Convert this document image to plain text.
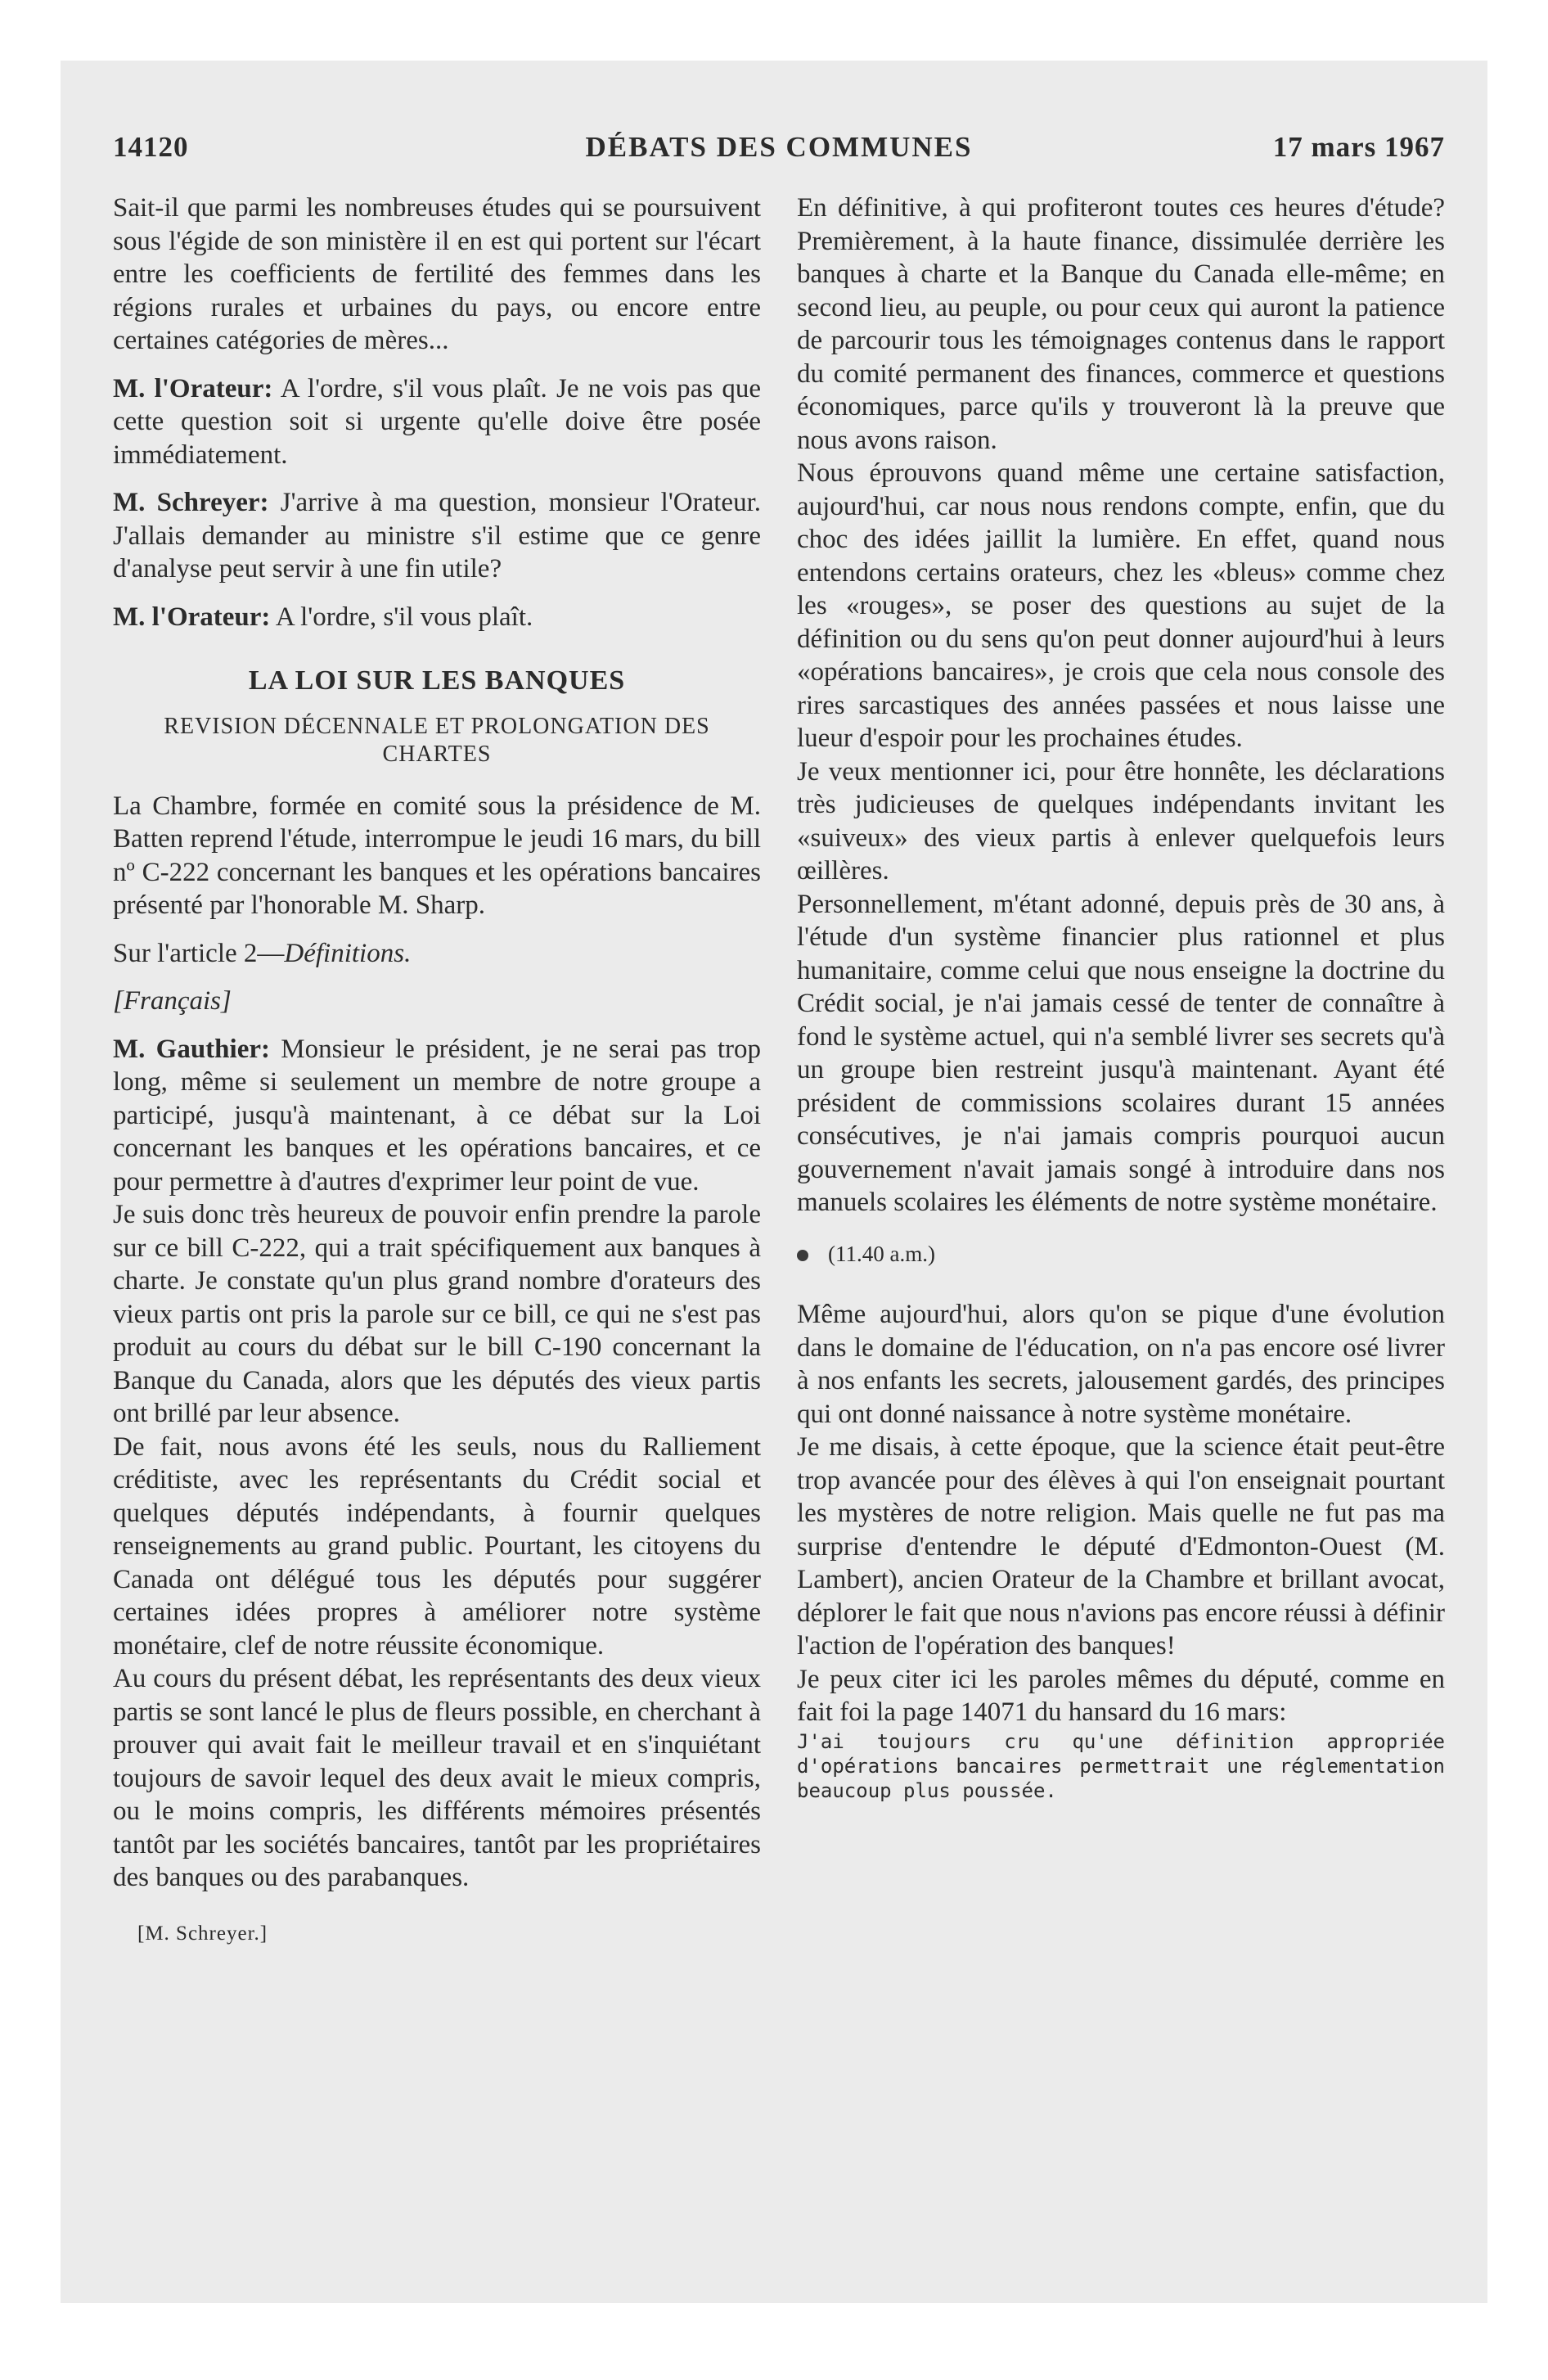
14120	DÉBATS DES COMMUNES	17 mars 1967

Sait-il que parmi les nombreuses études qui se poursuivent sous l'égide de son ministère il en est qui portent sur l'écart entre les coefficients de fertilité des femmes dans les régions rurales et urbaines du pays, ou encore entre certaines catégories de mères...

M. l'Orateur: A l'ordre, s'il vous plaît. Je ne vois pas que cette question soit si urgente qu'elle doive être posée immédiatement.

M. Schreyer: J'arrive à ma question, monsieur l'Orateur. J'allais demander au ministre s'il estime que ce genre d'analyse peut servir à une fin utile?

M. l'Orateur: A l'ordre, s'il vous plaît.

LA LOI SUR LES BANQUES
REVISION DÉCENNALE ET PROLONGATION DES CHARTES

La Chambre, formée en comité sous la présidence de M. Batten reprend l'étude, interrompue le jeudi 16 mars, du bill nº C-222 concernant les banques et les opérations bancaires présenté par l'honorable M. Sharp.

Sur l'article 2—Définitions.

[Français]

M. Gauthier: Monsieur le président, je ne serai pas trop long, même si seulement un membre de notre groupe a participé, jusqu'à maintenant, à ce débat sur la Loi concernant les banques et les opérations bancaires, et ce pour permettre à d'autres d'exprimer leur point de vue.

Je suis donc très heureux de pouvoir enfin prendre la parole sur ce bill C-222, qui a trait spécifiquement aux banques à charte. Je constate qu'un plus grand nombre d'orateurs des vieux partis ont pris la parole sur ce bill, ce qui ne s'est pas produit au cours du débat sur le bill C-190 concernant la Banque du Canada, alors que les députés des vieux partis ont brillé par leur absence.

De fait, nous avons été les seuls, nous du Ralliement créditiste, avec les représentants du Crédit social et quelques députés indépendants, à fournir quelques renseignements au grand public. Pourtant, les citoyens du Canada ont délégué tous les députés pour suggérer certaines idées propres à améliorer notre système monétaire, clef de notre réussite économique.

Au cours du présent débat, les représentants des deux vieux partis se sont lancé le plus de fleurs possible, en cherchant à prouver qui avait fait le meilleur travail et en s'inquiétant toujours de savoir lequel des deux avait le mieux compris, ou le moins compris, les différents mémoires présentés tantôt par les sociétés bancaires, tantôt par les propriétaires des banques ou des parabanques.

[M. Schreyer.]

En définitive, à qui profiteront toutes ces heures d'étude? Premièrement, à la haute finance, dissimulée derrière les banques à charte et la Banque du Canada elle-même; en second lieu, au peuple, ou pour ceux qui auront la patience de parcourir tous les témoignages contenus dans le rapport du comité permanent des finances, commerce et questions économiques, parce qu'ils y trouveront là la preuve que nous avons raison.

Nous éprouvons quand même une certaine satisfaction, aujourd'hui, car nous nous rendons compte, enfin, que du choc des idées jaillit la lumière. En effet, quand nous entendons certains orateurs, chez les «bleus» comme chez les «rouges», se poser des questions au sujet de la définition ou du sens qu'on peut donner aujourd'hui à leurs «opérations bancaires», je crois que cela nous console des rires sarcastiques des années passées et nous laisse une lueur d'espoir pour les prochaines études.

Je veux mentionner ici, pour être honnête, les déclarations très judicieuses de quelques indépendants invitant les «suiveux» des vieux partis à enlever quelquefois leurs œillères.

Personnellement, m'étant adonné, depuis près de 30 ans, à l'étude d'un système financier plus rationnel et plus humanitaire, comme celui que nous enseigne la doctrine du Crédit social, je n'ai jamais cessé de tenter de connaître à fond le système actuel, qui n'a semblé livrer ses secrets qu'à un groupe bien restreint jusqu'à maintenant. Ayant été président de commissions scolaires durant 15 années consécutives, je n'ai jamais compris pourquoi aucun gouvernement n'avait jamais songé à introduire dans nos manuels scolaires les éléments de notre système monétaire.

(11.40 a.m.)

Même aujourd'hui, alors qu'on se pique d'une évolution dans le domaine de l'éducation, on n'a pas encore osé livrer à nos enfants les secrets, jalousement gardés, des principes qui ont donné naissance à notre système monétaire.

Je me disais, à cette époque, que la science était peut-être trop avancée pour des élèves à qui l'on enseignait pourtant les mystères de notre religion. Mais quelle ne fut pas ma surprise d'entendre le député d'Edmonton-Ouest (M. Lambert), ancien Orateur de la Chambre et brillant avocat, déplorer le fait que nous n'avions pas encore réussi à définir l'action de l'opération des banques!

Je peux citer ici les paroles mêmes du député, comme en fait foi la page 14071 du hansard du 16 mars:

J'ai toujours cru qu'une définition appropriée d'opérations bancaires permettrait une réglementation beaucoup plus poussée.
